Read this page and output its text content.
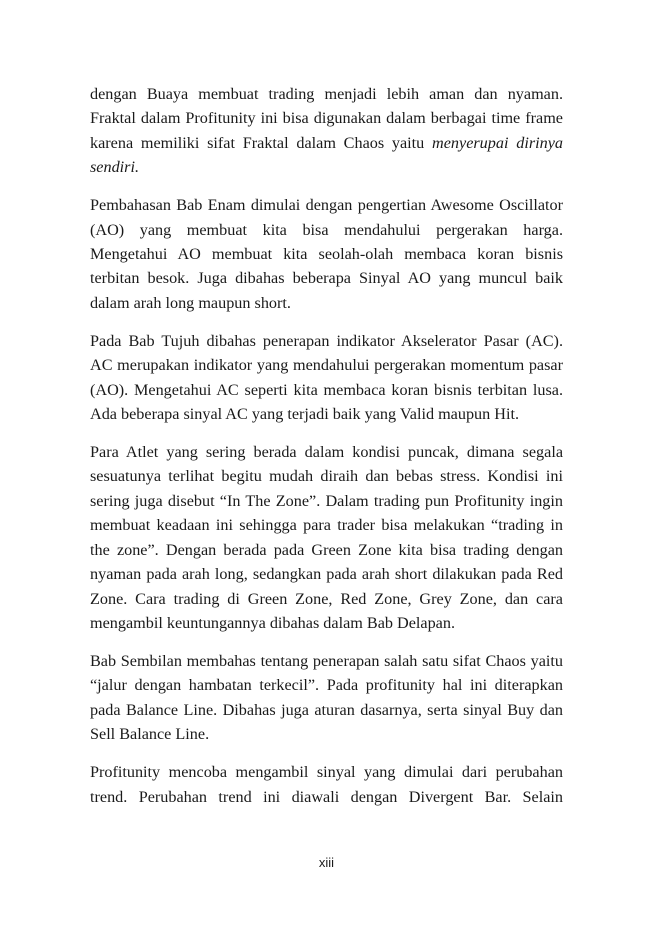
dengan Buaya membuat trading menjadi lebih aman dan nyaman. Fraktal dalam Profitunity ini bisa digunakan dalam berbagai time frame karena memiliki sifat Fraktal dalam Chaos yaitu menyerupai dirinya sendiri.

Pembahasan Bab Enam dimulai dengan pengertian Awesome Oscillator (AO) yang membuat kita bisa mendahului pergerakan harga. Mengetahui AO membuat kita seolah-olah membaca koran bisnis terbitan besok. Juga dibahas beberapa Sinyal AO yang muncul baik dalam arah long maupun short.

Pada Bab Tujuh dibahas penerapan indikator Akselerator Pasar (AC). AC merupakan indikator yang mendahului pergerakan momentum pasar (AO). Mengetahui AC seperti kita membaca koran bisnis terbitan lusa. Ada beberapa sinyal AC yang terjadi baik yang Valid maupun Hit.

Para Atlet yang sering berada dalam kondisi puncak, dimana segala sesuatunya terlihat begitu mudah diraih dan bebas stress. Kondisi ini sering juga disebut “In The Zone”. Dalam trading pun Profitunity ingin membuat keadaan ini sehingga para trader bisa melakukan “trading in the zone”. Dengan berada pada Green Zone kita bisa trading dengan nyaman pada arah long, sedangkan pada arah short dilakukan pada Red Zone. Cara trading di Green Zone, Red Zone, Grey Zone, dan cara mengambil keuntungannya dibahas dalam Bab Delapan.

Bab Sembilan membahas tentang penerapan salah satu sifat Chaos yaitu “jalur dengan hambatan terkecil”. Pada profitunity hal ini diterapkan pada Balance Line. Dibahas juga aturan dasarnya, serta sinyal Buy dan Sell Balance Line.

Profitunity mencoba mengambil sinyal yang dimulai dari perubahan trend. Perubahan trend ini diawali dengan Divergent Bar. Selain

xiii
